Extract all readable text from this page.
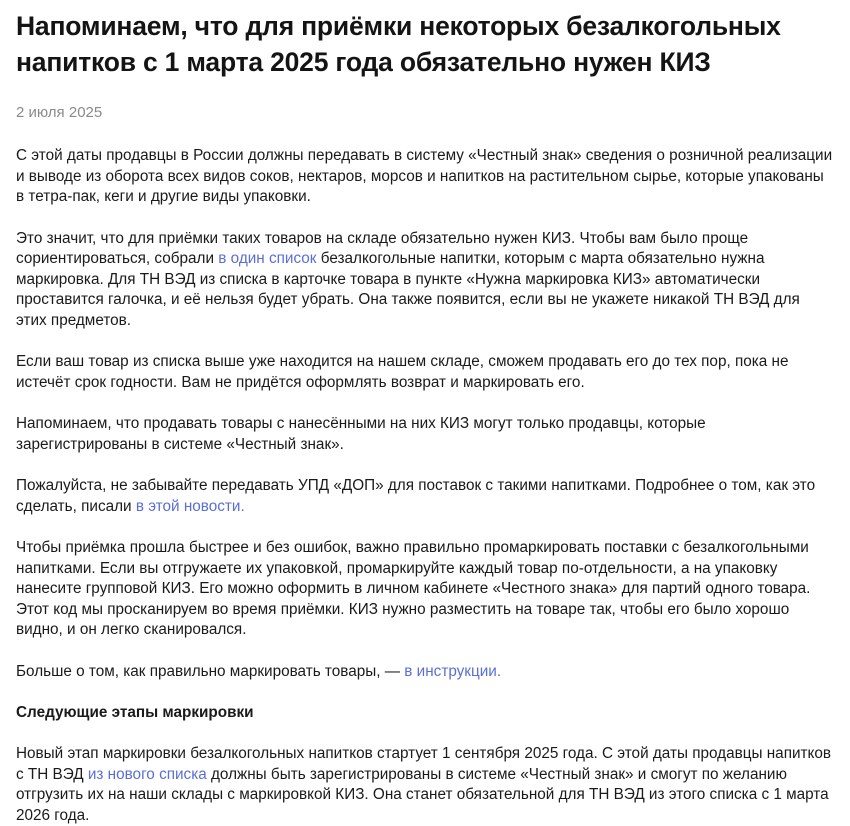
Напоминаем, что для приёмки некоторых безалкогольных напитков с 1 марта 2025 года обязательно нужен КИЗ
2 июля 2025

С этой даты продавцы в России должны передавать в систему «Честный знак» сведения о розничной реализации и выводе из оборота всех видов соков, нектаров, морсов и напитков на растительном сырье, которые упакованы в тетра-пак, кеги и другие виды упаковки.

Это значит, что для приёмки таких товаров на складе обязательно нужен КИЗ. Чтобы вам было проще сориентироваться, собрали в один список безалкогольные напитки, которым с марта обязательно нужна маркировка. Для ТН ВЭД из списка в карточке товара в пункте «Нужна маркировка КИЗ» автоматически проставится галочка, и её нельзя будет убрать. Она также появится, если вы не укажете никакой ТН ВЭД для этих предметов.

Если ваш товар из списка выше уже находится на нашем складе, сможем продавать его до тех пор, пока не истечёт срок годности. Вам не придётся оформлять возврат и маркировать его.

Напоминаем, что продавать товары с нанесёнными на них КИЗ могут только продавцы, которые зарегистрированы в системе «Честный знак».

Пожалуйста, не забывайте передавать УПД «ДОП» для поставок с такими напитками. Подробнее о том, как это сделать, писали в этой новости.

Чтобы приёмка прошла быстрее и без ошибок, важно правильно промаркировать поставки с безалкогольными напитками. Если вы отгружаете их упаковкой, промаркируйте каждый товар по-отдельности, а на упаковку нанесите групповой КИЗ. Его можно оформить в личном кабинете «Честного знака» для партий одного товара. Этот код мы просканируем во время приёмки. КИЗ нужно разместить на товаре так, чтобы его было хорошо видно, и он легко сканировался.

Больше о том, как правильно маркировать товары, — в инструкции.

Следующие этапы маркировки

Новый этап маркировки безалкогольных напитков стартует 1 сентября 2025 года. С этой даты продавцы напитков с ТН ВЭД из нового списка должны быть зарегистрированы в системе «Честный знак» и смогут по желанию отгрузить их на наши склады с маркировкой КИЗ. Она станет обязательной для ТН ВЭД из этого списка с 1 марта 2026 года.
